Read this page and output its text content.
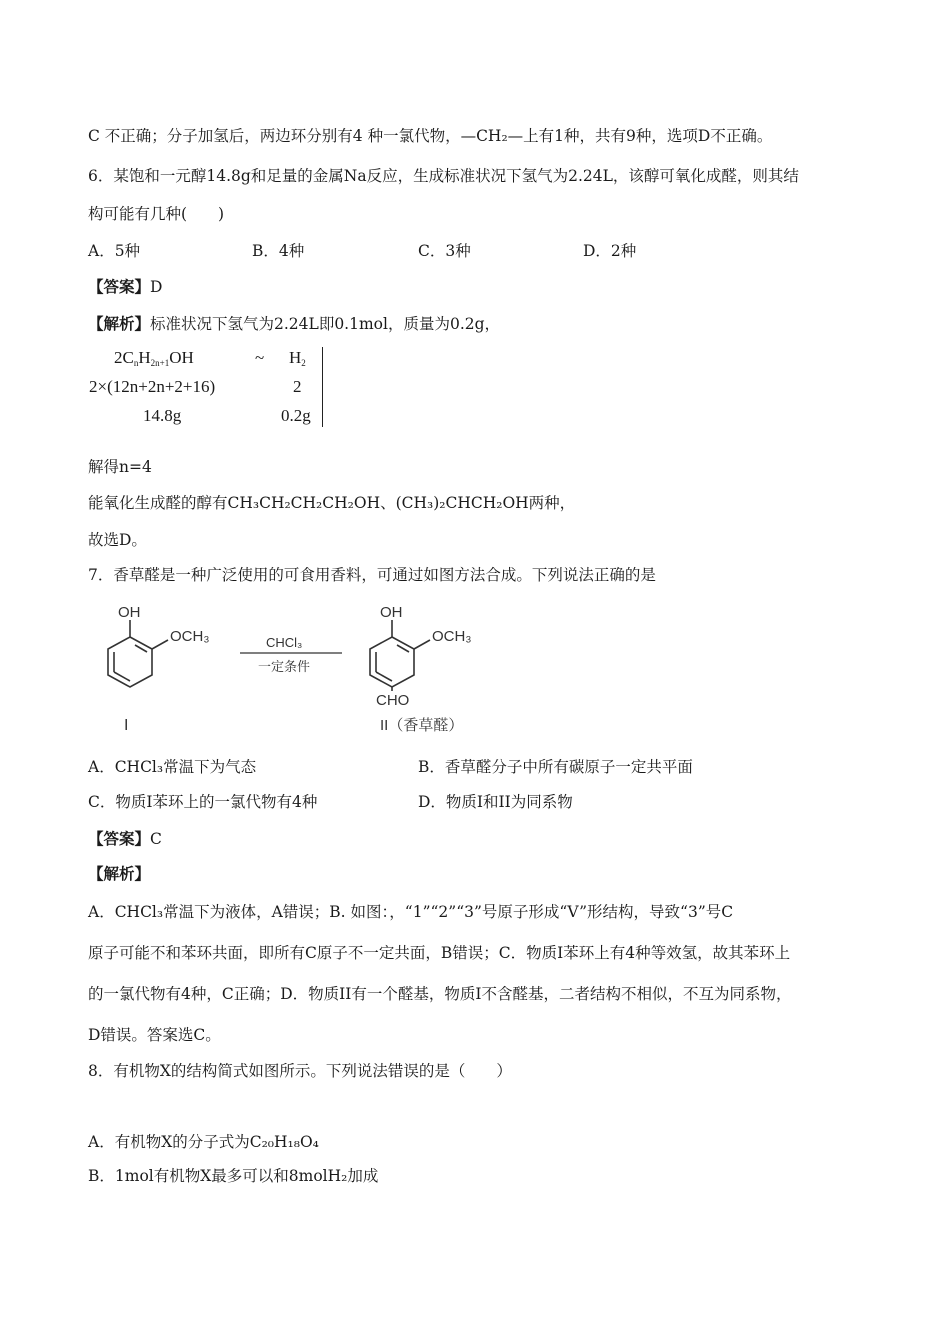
C 不正确；分子加氢后，两边环分别有4 种一氯代物，—CH₂—上有1种，共有9种，选项D不正确。
6．某饱和一元醇14.8g和足量的金属Na反应，生成标准状况下氢气为2.24L，该醇可氧化成醛，则其结
构可能有几种(　　)
A．5种	B．4种	C．3种	D．2种
【答案】D
【解析】标准状况下氢气为2.24L即0.1mol，质量为0.2g，
$2C_nH_{2n+1}OH$	~ $H_2$
2×(12n+2n+2+16)	2
14.8g	0.2g
解得n=4
能氧化生成醛的醇有CH₃CH₂CH₂CH₂OH、(CH₃)₂CHCH₂OH两种，
故选D。
7．香草醛是一种广泛使用的可食用香料，可通过如图方法合成。下列说法正确的是
OH
OCH₃	CHCl₃
一定条件
OH
OCH₃
CHO
I	II（香草醛）
A．CHCl₃常温下为气态	B．香草醛分子中所有碳原子一定共平面
C．物质I苯环上的一氯代物有4种	D．物质I和II为同系物
【答案】C
【解析】
A．CHCl₃常温下为液体，A错误；B. 如图：，“1”“2”“3”号原子形成“V”形结构，导致“3”号C
原子可能不和苯环共面，即所有C原子不一定共面，B错误；C．物质I苯环上有4种等效氢，故其苯环上
的一氯代物有4种，C正确；D．物质II有一个醛基，物质I不含醛基，二者结构不相似，不互为同系物，
D错误。答案选C。
8．有机物X的结构简式如图所示。下列说法错误的是（　　）
A．有机物X的分子式为C₂₀H₁₈O₄
B．1mol有机物X最多可以和8molH₂加成
